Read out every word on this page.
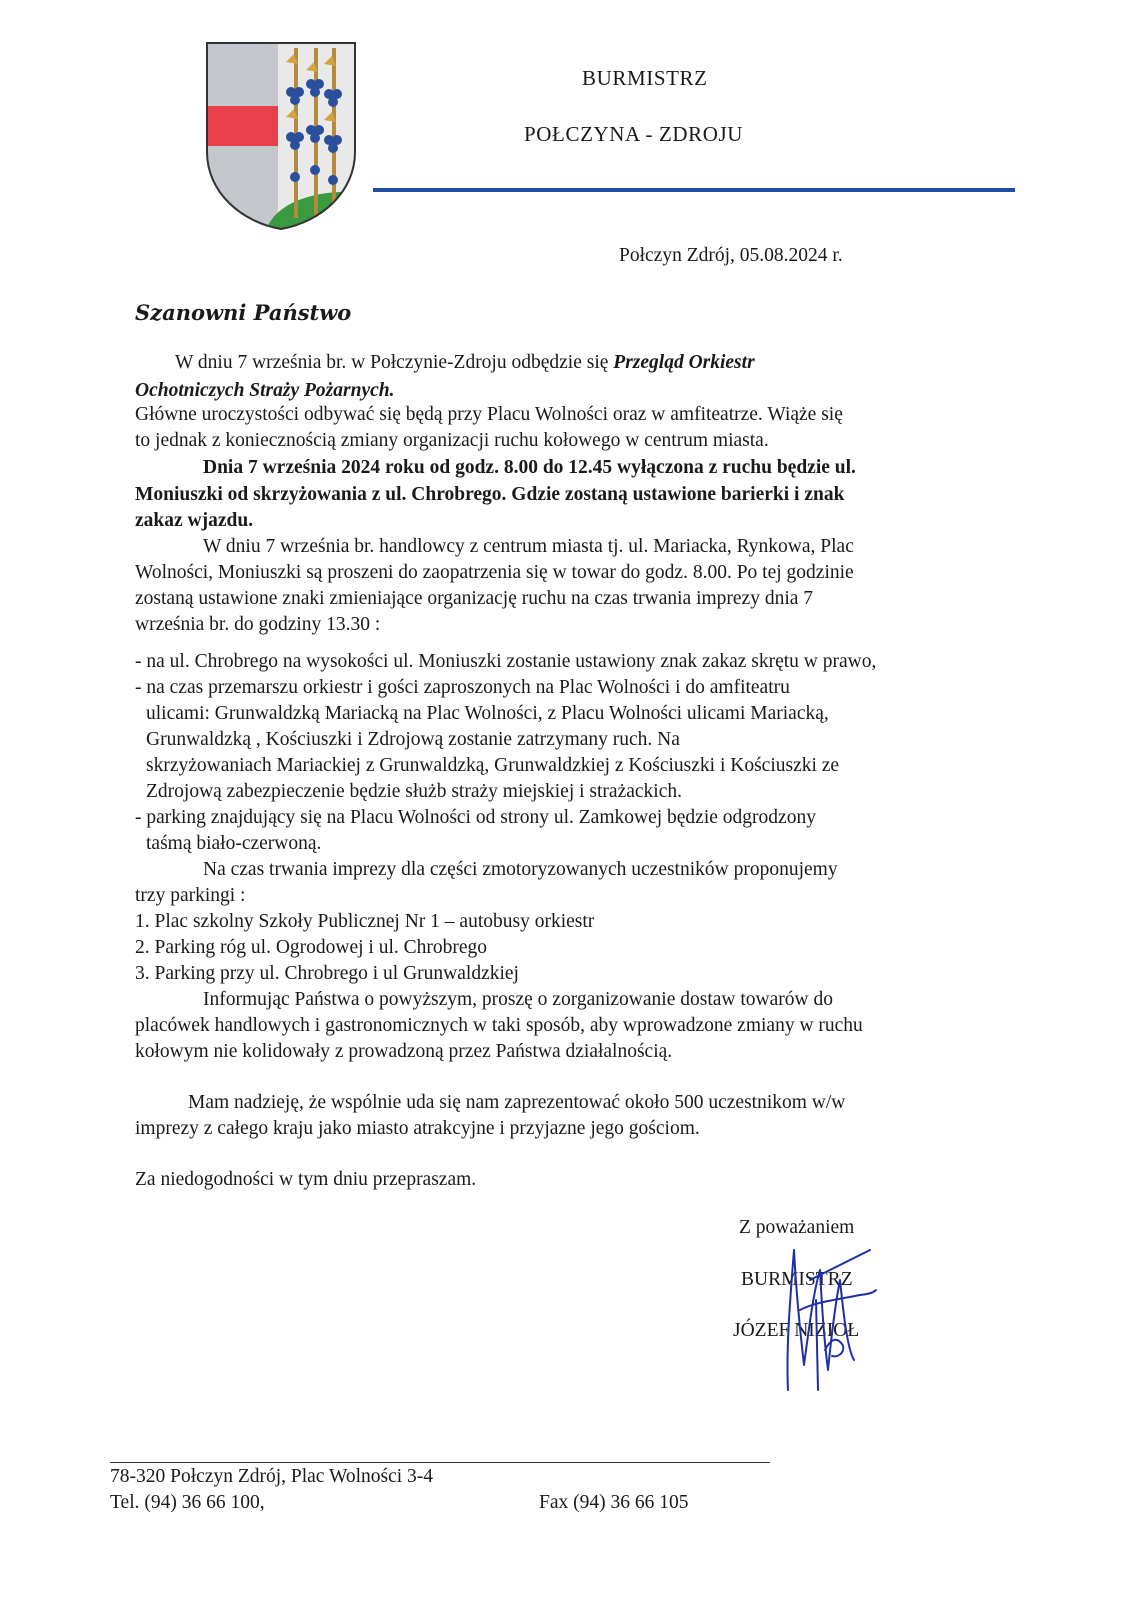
BURMISTRZ
POŁCZYNA - ZDROJU
Połczyn Zdrój, 05.08.2024 r.
Szanowni Państwo
W dniu 7 września br. w Połczynie-Zdroju odbędzie się Przegląd Orkiestr
Ochotniczych Straży Pożarnych.
Główne uroczystości odbywać się będą przy Placu Wolności oraz w amfiteatrze. Wiąże się
to jednak z koniecznością zmiany organizacji ruchu kołowego w centrum miasta.
Dnia 7 września 2024 roku od godz. 8.00 do 12.45 wyłączona z ruchu będzie ul.
Moniuszki od skrzyżowania z ul. Chrobrego. Gdzie zostaną ustawione barierki i znak
zakaz wjazdu.
W dniu 7 września br. handlowcy z centrum miasta tj. ul. Mariacka, Rynkowa, Plac
Wolności, Moniuszki są proszeni do zaopatrzenia się w towar do godz. 8.00. Po tej godzinie
zostaną ustawione znaki zmieniające organizację ruchu na czas trwania imprezy dnia 7
września br. do godziny 13.30 :
- na ul. Chrobrego na wysokości ul. Moniuszki zostanie ustawiony znak zakaz skrętu w prawo,
- na czas przemarszu orkiestr i gości zaproszonych na Plac Wolności i do amfiteatru
ulicami: Grunwaldzką Mariacką na Plac Wolności, z Placu Wolności ulicami Mariacką,
Grunwaldzką , Kościuszki i Zdrojową zostanie zatrzymany ruch. Na
skrzyżowaniach Mariackiej z Grunwaldzką, Grunwaldzkiej z Kościuszki i Kościuszki ze
Zdrojową zabezpieczenie będzie służb straży miejskiej i strażackich.
- parking znajdujący się na Placu Wolności od strony ul. Zamkowej będzie odgrodzony
taśmą biało-czerwoną.
Na czas trwania imprezy dla części zmotoryzowanych uczestników proponujemy
trzy parkingi :
1. Plac szkolny Szkoły Publicznej Nr 1 – autobusy orkiestr
2. Parking róg ul. Ogrodowej i ul. Chrobrego
3. Parking przy ul. Chrobrego i ul Grunwaldzkiej
Informując Państwa o powyższym, proszę o zorganizowanie dostaw towarów do
placówek handlowych i gastronomicznych w taki sposób, aby wprowadzone zmiany w ruchu
kołowym nie kolidowały z prowadzoną przez Państwa działalnością.
Mam nadzieję, że wspólnie uda się nam zaprezentować około 500 uczestnikom w/w
imprezy z całego kraju jako miasto atrakcyjne i przyjazne jego gościom.
Za niedogodności w tym dniu przepraszam.
Z poważaniem
BURMISTRZ
JÓZEF NIZIOŁ
78-320 Połczyn Zdrój, Plac Wolności 3-4
Tel. (94) 36 66 100,	Fax (94) 36 66 105
